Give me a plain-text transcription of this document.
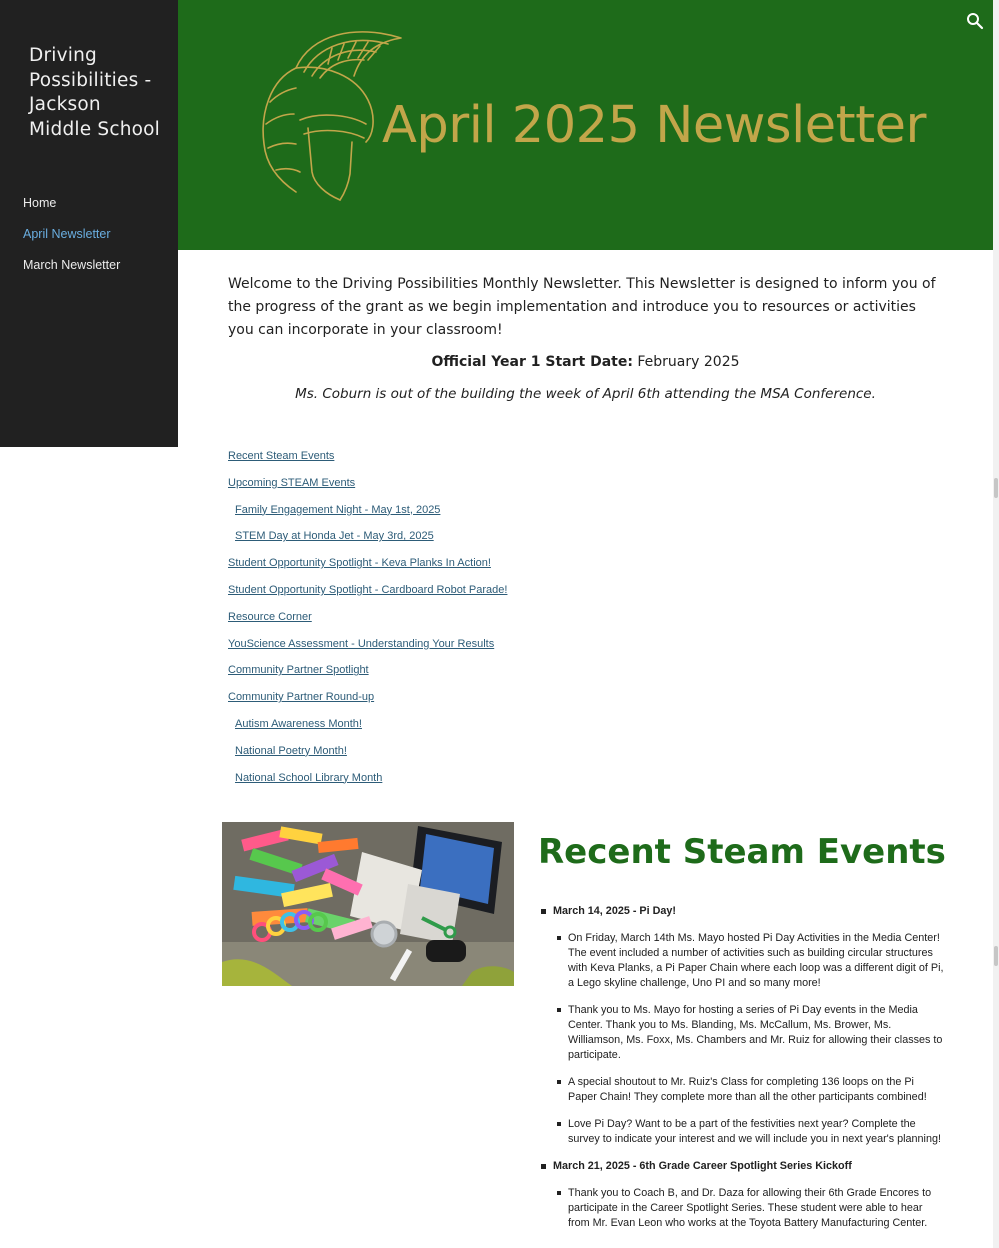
Driving Possibilities - Jackson Middle School
Home
April Newsletter
March Newsletter
April 2025 Newsletter

Welcome to the Driving Possibilities Monthly Newsletter. This Newsletter is designed to inform you of the progress of the grant as we begin implementation and introduce you to resources or activities you can incorporate in your classroom!

Official Year 1 Start Date: February 2025

Ms. Coburn is out of the building the week of April 6th attending the MSA Conference.

Recent Steam Events
Upcoming STEAM Events
Family Engagement Night - May 1st, 2025
STEM Day at Honda Jet - May 3rd, 2025
Student Opportunity Spotlight - Keva Planks In Action!
Student Opportunity Spotlight - Cardboard Robot Parade!
Resource Corner
YouScience Assessment - Understanding Your Results
Community Partner Spotlight
Community Partner Round-up
Autism Awareness Month!
National Poetry Month!
National School Library Month
Recent Steam Events
March 14, 2025 - Pi Day!
On Friday, March 14th Ms. Mayo hosted Pi Day Activities in the Media Center! The event included a number of activities such as building circular structures with Keva Planks, a Pi Paper Chain where each loop was a different digit of Pi, a Lego skyline challenge, Uno PI and so many more!
Thank you to Ms. Mayo for hosting a series of Pi Day events in the Media Center. Thank you to Ms. Blanding, Ms. McCallum, Ms. Brower, Ms. Williamson, Ms. Foxx, Ms. Chambers and Mr. Ruiz for allowing their classes to participate.
A special shoutout to Mr. Ruiz's Class for completing 136 loops on the Pi Paper Chain! They complete more than all the other participants combined!
Love Pi Day? Want to be a part of the festivities next year? Complete the survey to indicate your interest and we will include you in next year's planning!
March 21, 2025 - 6th Grade Career Spotlight Series Kickoff
Thank you to Coach B, and Dr. Daza for allowing their 6th Grade Encores to participate in the Career Spotlight Series. These student were able to hear from Mr. Evan Leon who works at the Toyota Battery Manufacturing Center.
